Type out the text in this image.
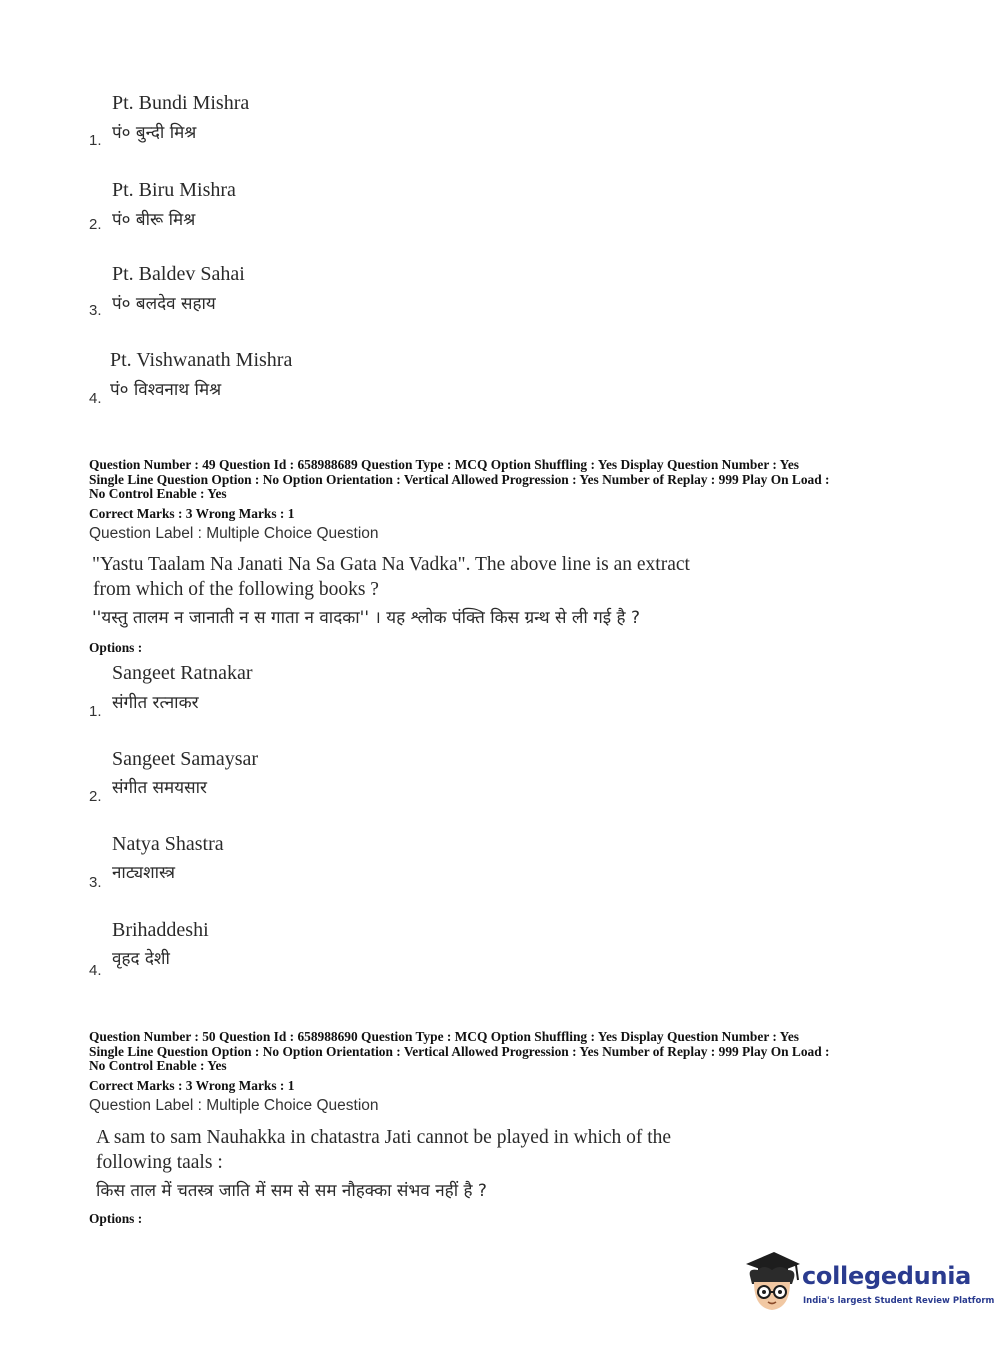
Pt. Bundi Mishra
पं० बुन्दी मिश्र
1.
Pt. Biru Mishra
पं० बीरू मिश्र
2.
Pt. Baldev Sahai
पं० बलदेव सहाय
3.
Pt. Vishwanath Mishra
पं० विश्वनाथ मिश्र
4.
Question Number : 49 Question Id : 658988689 Question Type : MCQ Option Shuffling : Yes Display Question Number : Yes
Single Line Question Option : No Option Orientation : Vertical Allowed Progression : Yes Number of Replay : 999 Play On Load :
No Control Enable : Yes
Correct Marks : 3 Wrong Marks : 1
Question Label : Multiple Choice Question
"Yastu Taalam Na Janati Na Sa Gata Na Vadka". The above line is an extract
from which of the following books ?
''यस्तु तालम न जानाती न स गाता न वादका'' । यह श्लोक पंक्ति किस ग्रन्थ से ली गई है ?
Options :
Sangeet Ratnakar
संगीत रत्नाकर
1.
Sangeet Samaysar
संगीत समयसार
2.
Natya Shastra
नाट्यशास्त्र
3.
Brihaddeshi
वृहद देशी
4.
Question Number : 50 Question Id : 658988690 Question Type : MCQ Option Shuffling : Yes Display Question Number : Yes
Single Line Question Option : No Option Orientation : Vertical Allowed Progression : Yes Number of Replay : 999 Play On Load :
No Control Enable : Yes
Correct Marks : 3 Wrong Marks : 1
Question Label : Multiple Choice Question
A sam to sam Nauhakka in chatastra Jati cannot be played in which of the
following taals :
किस ताल में चतस्त्र जाति में सम से सम नौहक्का संभव नहीं है ?
Options :
collegedunia
India's largest Student Review Platform
